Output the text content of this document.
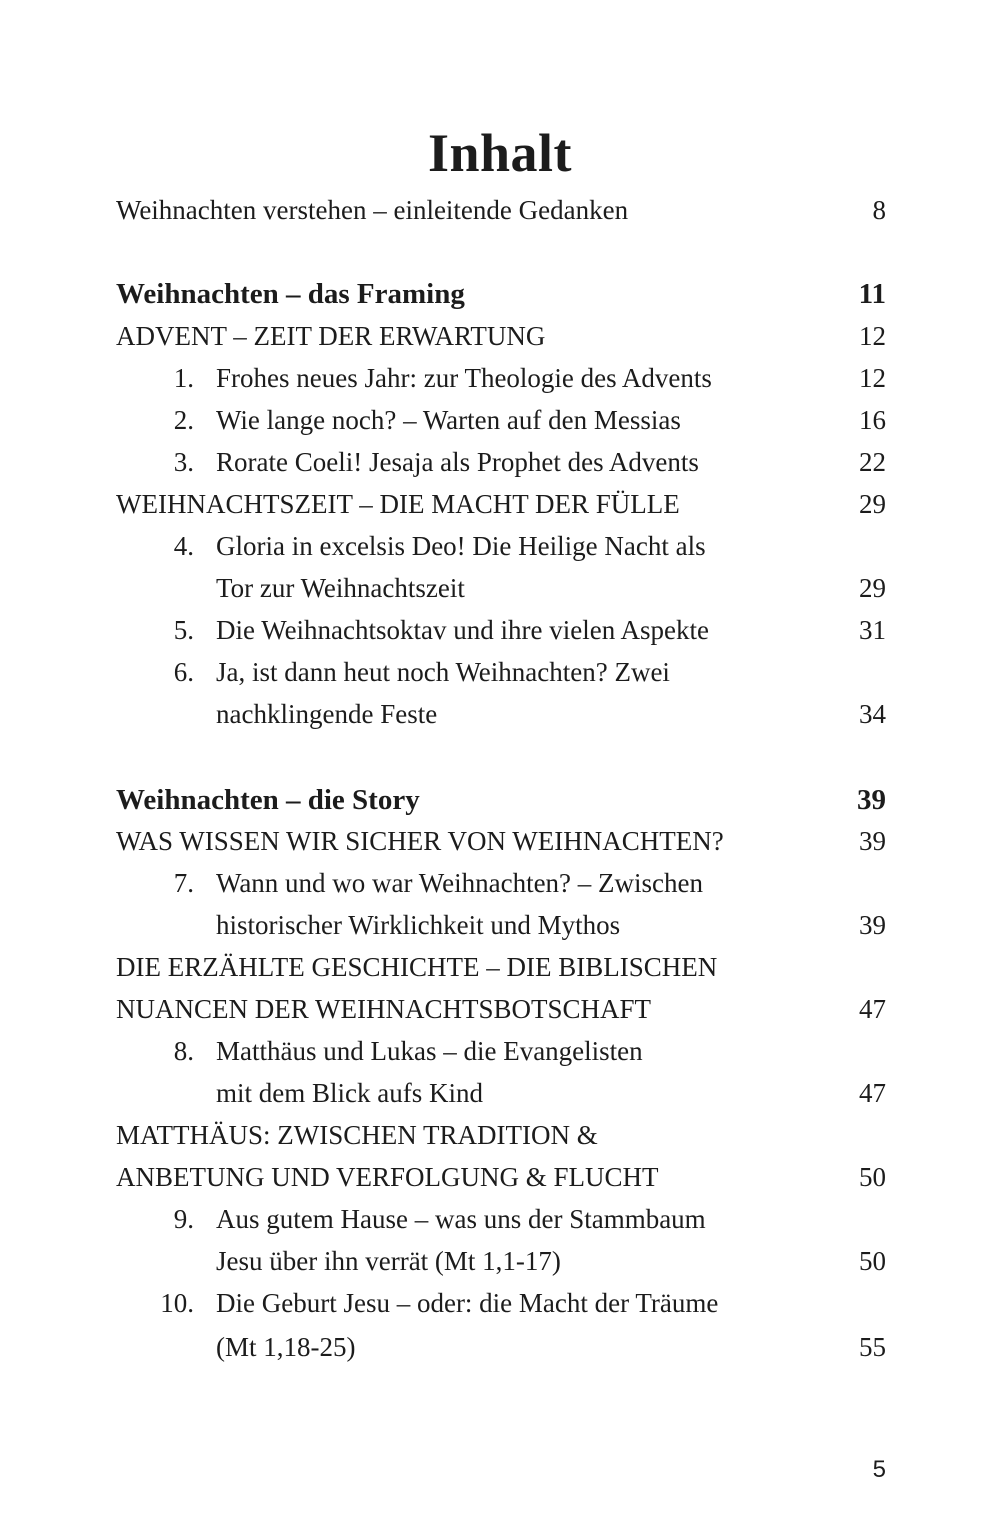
Inhalt
Weihnachten verstehen – einleitende Gedanken	8
Weihnachten – das Framing	11
ADVENT – ZEIT DER ERWARTUNG	12
1. Frohes neues Jahr: zur Theologie des Advents	12
2. Wie lange noch? – Warten auf den Messias	16
3. Rorate Coeli! Jesaja als Prophet des Advents	22
WEIHNACHTSZEIT – DIE MACHT DER FÜLLE	29
4. Gloria in excelsis Deo! Die Heilige Nacht als
Tor zur Weihnachtszeit	29
5. Die Weihnachtsoktav und ihre vielen Aspekte	31
6. Ja, ist dann heut noch Weihnachten? Zwei
nachklingende Feste	34
Weihnachten – die Story	39
WAS WISSEN WIR SICHER VON WEIHNACHTEN?	39
7. Wann und wo war Weihnachten? – Zwischen
historischer Wirklichkeit und Mythos	39
DIE ERZÄHLTE GESCHICHTE – DIE BIBLISCHEN
NUANCEN DER WEIHNACHTSBOTSCHAFT	47
8. Matthäus und Lukas – die Evangelisten
mit dem Blick aufs Kind	47
MATTHÄUS: ZWISCHEN TRADITION &
ANBETUNG UND VERFOLGUNG & FLUCHT	50
9. Aus gutem Hause – was uns der Stammbaum
Jesu über ihn verrät (Mt 1,1-17)	50
10. Die Geburt Jesu – oder: die Macht der Träume
(Mt 1,18-25)	55
5
